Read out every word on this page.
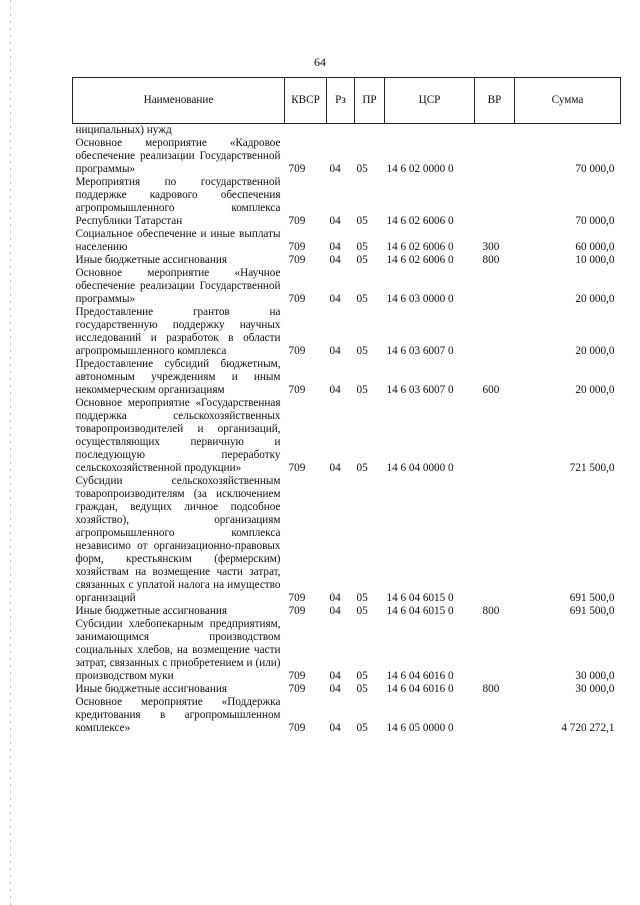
64
Наименование	КВСР	Рз	ПР	ЦСР	ВР	Сумма
ниципальных) нужд						
Основное мероприятие «Кадровое обеспечение реализации Государственной программы»	709	04	05	14 6 02 0000 0		70 000,0
Мероприятия по государственной поддержке кадрового обеспечения агропромышленного комплекса Республики Татарстан	709	04	05	14 6 02 6006 0		70 000,0
Социальное обеспечение и иные выплаты населению	709	04	05	14 6 02 6006 0	300	60 000,0
Иные бюджетные ассигнования	709	04	05	14 6 02 6006 0	800	10 000,0
Основное мероприятие «Научное обеспечение реализации Государственной программы»	709	04	05	14 6 03 0000 0		20 000,0
Предоставление грантов на государственную поддержку научных исследований и разработок в области агропромышленного комплекса	709	04	05	14 6 03 6007 0		20 000,0
Предоставление субсидий бюджетным, автономным учреждениям и иным некоммерческим организациям	709	04	05	14 6 03 6007 0	600	20 000,0
Основное мероприятие «Государственная поддержка сельскохозяйственных товаропроизводителей и организаций, осуществляющих первичную и последующую переработку сельскохозяйственной продукции»	709	04	05	14 6 04 0000 0		721 500,0
Субсидии сельскохозяйственным товаропроизводителям (за исключением граждан, ведущих личное подсобное хозяйство), организациям агропромышленного комплекса независимо от организационно-правовых форм, крестьянским (фермерским) хозяйствам на возмещение части затрат, связанных с уплатой налога на имущество организаций	709	04	05	14 6 04 6015 0		691 500,0
Иные бюджетные ассигнования	709	04	05	14 6 04 6015 0	800	691 500,0
Субсидии хлебопекарным предприятиям, занимающимся производством социальных хлебов, на возмещение части затрат, связанных с приобретением и (или) производством муки	709	04	05	14 6 04 6016 0		30 000,0
Иные бюджетные ассигнования	709	04	05	14 6 04 6016 0	800	30 000,0
Основное мероприятие «Поддержка кредитования в агропромышленном комплексе»	709	04	05	14 6 05 0000 0		4 720 272,1
